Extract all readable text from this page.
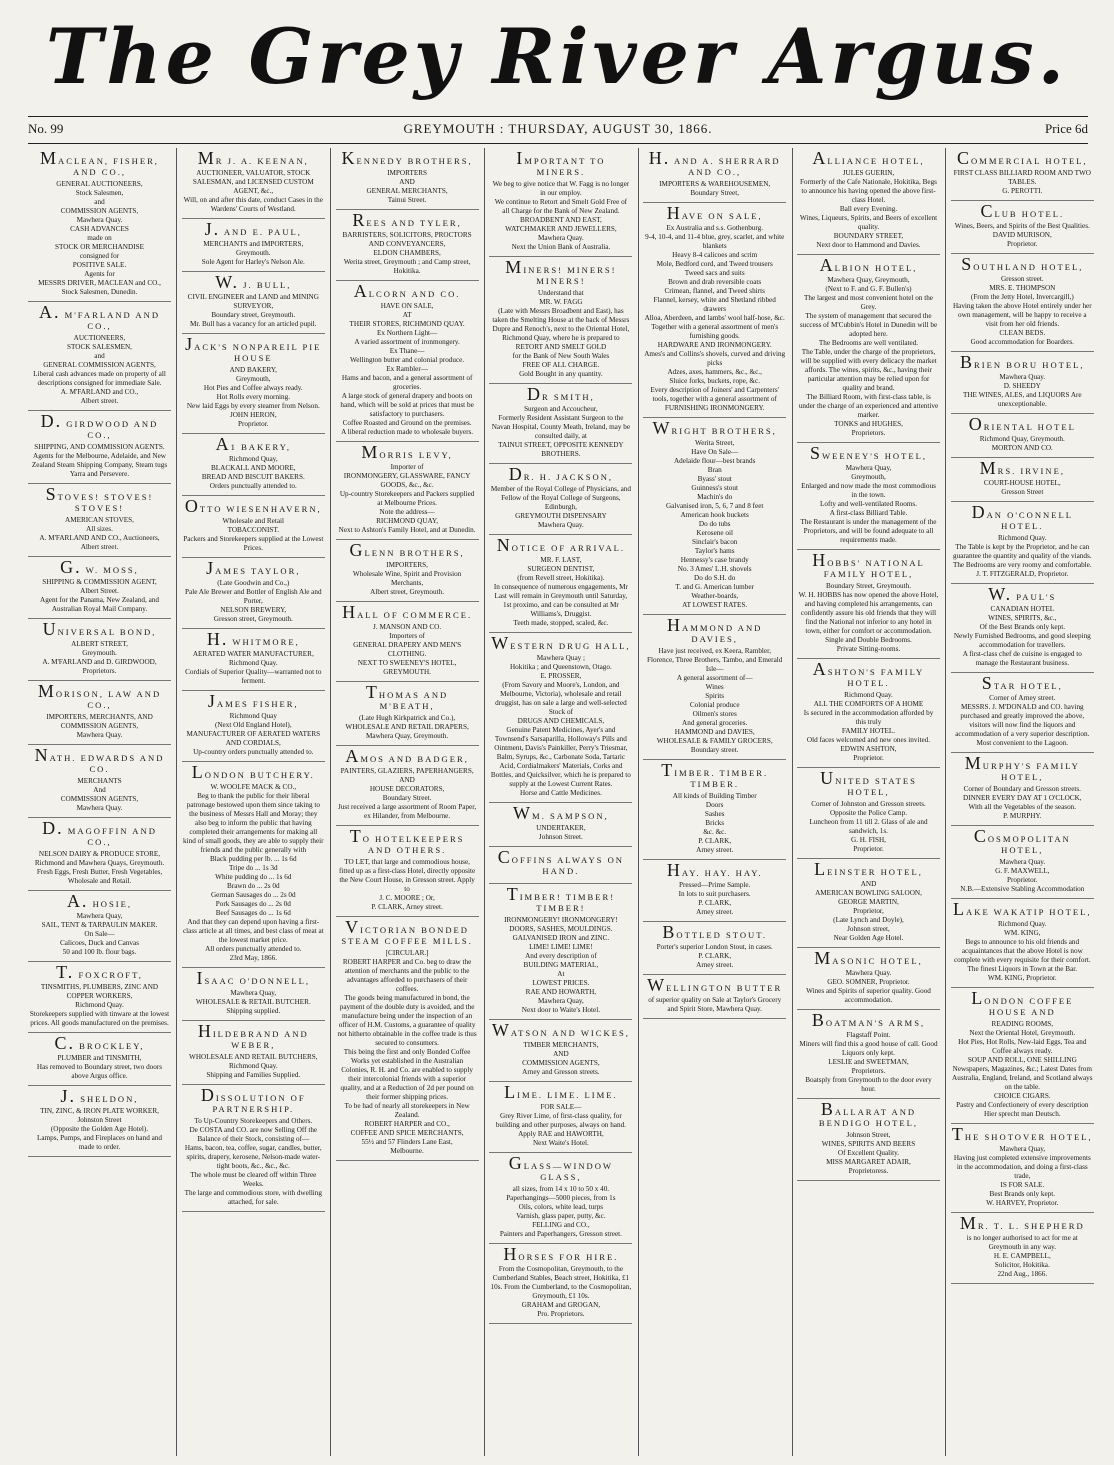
The Grey River Argus.
No. 99	GREYMOUTH : THURSDAY, AUGUST 30, 1866.	Price 6d
MACLEAN, FISHER, AND CO.,
GENERAL AUCTIONEERS,
Stock Salesmen,
and
COMMISSION AGENTS,
Mawhera Quay.
CASH ADVANCES
made on
STOCK OR MERCHANDISE
consigned for
POSITIVE SALE.
Agents for
MESSRS DRIVER, MACLEAN and CO.,
Stock Salesmen, Dunedin.
A. M'FARLAND AND CO.,
AUCTIONEERS,
STOCK SALESMEN,
and
GENERAL COMMISSION AGENTS,
Liberal cash advances made on property of all descriptions consigned for immediate Sale.
A. M'FARLAND and CO.,
Albert street.
D. GIRDWOOD AND CO.,
SHIPPING, AND COMMISSION AGENTS.
Agents for the Melbourne, Adelaide, and New Zealand Steam Shipping Company, Steam tugs Yarra and Persevere.
STOVES! STOVES! STOVES!
AMERICAN STOVES,
All sizes.
A. M'FARLAND AND CO., Auctioneers,
Albert street.
G. W. MOSS,
SHIPPING & COMMISSION AGENT,
Albert Street.
Agent for the Panama, New Zealand, and Australian Royal Mail Company.
UNIVERSAL BOND,
ALBERT STREET,
Greymouth.
A. M'FARLAND and D. GIRDWOOD,
Proprietors.
MORISON, LAW AND CO.,
IMPORTERS, MERCHANTS, AND COMMISSION AGENTS,
Mawhera Quay.
NATH. EDWARDS AND CO.
MERCHANTS
And
COMMISSION AGENTS,
Mawhera Quay.
D. MAGOFFIN AND CO.,
NELSON DAIRY & PRODUCE STORE,
Richmond and Mawhera Quays, Greymouth.
Fresh Eggs, Fresh Butter, Fresh Vegetables, Wholesale and Retail.
A. HOSIE,
Mawhera Quay,
SAIL, TENT & TARPAULIN MAKER.
On Sale—
Calicoes, Duck and Canvas
50 and 100 lb. flour bags.
T. FOXCROFT,
TINSMITHS, PLUMBERS, ZINC AND COPPER WORKERS,
Richmond Quay.
Storekeepers supplied with tinware at the lowest prices. All goods manufactured on the premises.
C. BROCKLEY,
PLUMBER and TINSMITH,
Has removed to Boundary street, two doors above Argus office.
J. SHELDON,
TIN, ZINC, & IRON PLATE WORKER,
Johnston Street
(Opposite the Golden Age Hotel).
Lamps, Pumps, and Fireplaces on hand and made to order.
MR J. A. KEENAN,
AUCTIONEER, VALUATOR, STOCK SALESMAN, and LICENSED CUSTOM AGENT, &c.,
Will, on and after this date, conduct Cases in the Wardens' Courts of Westland.
J. AND E. PAUL,
MERCHANTS and IMPORTERS,
Greymouth.
Sole Agent for Harley's Nelson Ale.
W. J. BULL,
CIVIL ENGINEER and LAND and MINING SURVEYOR,
Boundary street, Greymouth.
Mr. Bull has a vacancy for an articled pupil.
JACK'S NONPAREIL PIE HOUSE
AND BAKERY,
Greymouth,
Hot Pies and Coffee always ready.
Hot Rolls every morning.
New laid Eggs by every steamer from Nelson.
JOHN HERON,
Proprietor.
A1 BAKERY,
Richmond Quay,
BLACKALL AND MOORE,
BREAD AND BISCUIT BAKERS.
Orders punctually attended to.
OTTO WIESENHAVERN,
Wholesale and Retail
TOBACCONIST.
Packers and Storekeepers supplied at the Lowest Prices.
JAMES TAYLOR,
(Late Goodwin and Co.,)
Pale Ale Brewer and Bottler of English Ale and Porter,
NELSON BREWERY,
Gresson street, Greymouth.
H. WHITMORE,
AERATED WATER MANUFACTURER,
Richmond Quay.
Cordials of Superior Quality—warranted not to ferment.
JAMES FISHER,
Richmond Quay
(Next Old England Hotel),
MANUFACTURER OF AERATED WATERS AND CORDIALS,
Up-country orders punctually attended to.
LONDON BUTCHERY.
W. WOOLFE MACK & CO.,
Beg to thank the public for their liberal patronage bestowed upon them since taking to the business of Messrs Hall and Moray; they also beg to inform the public that having completed their arrangements for making all kind of small goods, they are able to supply their friends and the public generally with
Black pudding per lb. ... 1s 6d
Tripe do ... 1s 3d
White pudding do ... 1s 6d
Brawn do ... 2s 0d
German Sausages do ... 2s 0d
Pork Sausages do ... 2s 0d
Beef Sausages do ... 1s 6d
And that they can depend upon having a first-class article at all times, and best class of meat at the lowest market price.
All orders punctually attended to.
23rd May, 1866.
ISAAC O'DONNELL,
Mawhera Quay,
WHOLESALE & RETAIL BUTCHER.
Shipping supplied.
HILDEBRAND AND WEBER,
WHOLESALE AND RETAIL BUTCHERS,
Richmond Quay.
Shipping and Families Supplied.
DISSOLUTION OF PARTNERSHIP.
To Up-Country Storekeepers and Others.
De COSTA and CO. are now Selling Off the Balance of their Stock, consisting of—
Hams, bacon, tea, coffee, sugar, candles, butter, spirits, drapery, kerosene, Nelson-made water-tight boots, &c., &c., &c.
The whole must be cleared off within Three Weeks.
The large and commodious store, with dwelling attached, for sale.
KENNEDY BROTHERS,
IMPORTERS
AND
GENERAL MERCHANTS,
Tainui Street.
REES AND TYLER,
BARRISTERS, SOLICITORS, PROCTORS AND CONVEYANCERS,
ELDON CHAMBERS,
Werita street, Greymouth ; and Camp street, Hokitika.
ALCORN AND CO.
HAVE ON SALE,
AT
THEIR STORES, RICHMOND QUAY.
Ex Northern Light—
A varied assortment of ironmongery.
Ex Thane—
Wellington butter and colonial produce.
Ex Rambler—
Hams and bacon, and a general assortment of groceries.
A large stock of general drapery and boots on hand, which will be sold at prices that must be satisfactory to purchasers.
Coffee Roasted and Ground on the premises.
A liberal reduction made to wholesale buyers.
MORRIS LEVY,
Importer of
IRONMONGERY, GLASSWARE, FANCY GOODS, &c., &c.
Up-country Storekeepers and Packers supplied at Melbourne Prices.
Note the address—
RICHMOND QUAY,
Next to Ashton's Family Hotel, and at Dunedin.
GLENN BROTHERS,
IMPORTERS,
Wholesale Wine, Spirit and Provision Merchants,
Albert street, Greymouth.
HALL OF COMMERCE.
J. MANSON AND CO.
Importers of
GENERAL DRAPERY AND MEN'S CLOTHING.
NEXT TO SWEENEY'S HOTEL, GREYMOUTH.
THOMAS AND M'BEATH,
(Late Hugh Kirkpatrick and Co.),
WHOLESALE AND RETAIL DRAPERS,
Mawhera Quay, Greymouth.
AMOS AND BADGER,
PAINTERS, GLAZIERS, PAPERHANGERS,
AND
HOUSE DECORATORS,
Boundary Street.
Just received a large assortment of Room Paper, ex Hilander, from Melbourne.
TO HOTELKEEPERS AND OTHERS.
TO LET, that large and commodious house, fitted up as a first-class Hotel, directly opposite the New Court House, in Gresson street. Apply to
J. C. MOORE ; Or,
P. CLARK, Arney street.
VICTORIAN BONDED STEAM COFFEE MILLS.
[CIRCULAR.]
ROBERT HARPER and Co. beg to draw the attention of merchants and the public to the advantages afforded to purchasers of their coffees.
The goods being manufactured in bond, the payment of the double duty is avoided, and the manufacture being under the inspection of an officer of H.M. Customs, a guarantee of quality not hitherto obtainable in the coffee trade is thus secured to consumers.
This being the first and only Bonded Coffee Works yet established in the Australian Colonies, R. H. and Co. are enabled to supply their intercolonial friends with a superior quality, and at a Reduction of 2d per pound on their former shipping prices.
To be had of nearly all storekeepers in New Zealand.
ROBERT HARPER and CO.,
COFFEE AND SPICE MERCHANTS,
55½ and 57 Flinders Lane East,
Melbourne.
IMPORTANT TO MINERS.
We beg to give notice that W. Fagg is no longer in our employ.
We continue to Retort and Smelt Gold Free of all Charge for the Bank of New Zealand.
BROADBENT AND EAST,
WATCHMAKER AND JEWELLERS,
Mawhera Quay.
Next the Union Bank of Australia.
MINERS! MINERS! MINERS!
Understand that
MR. W. FAGG
(Late with Messrs Broadbent and East), has taken the Smelting House at the back of Messrs Dupre and Renoch's, next to the Oriental Hotel, Richmond Quay, where he is prepared to
RETORT AND SMELT GOLD
for the Bank of New South Wales
FREE OF ALL CHARGE.
Gold Bought in any quantity.
DR SMITH,
Surgeon and Accoucheur,
Formerly Resident Assistant Surgeon to the Navan Hospital, County Meath, Ireland, may be consulted daily, at
TAINUI STREET, OPPOSITE KENNEDY BROTHERS.
DR. H. JACKSON,
Member of the Royal College of Physicians, and Fellow of the Royal College of Surgeons, Edinburgh,
GREYMOUTH DISPENSARY
Mawhera Quay.
NOTICE OF ARRIVAL.
MR. F. LAST,
SURGEON DENTIST,
(from Revell street, Hokitika).
In consequence of numerous engagements, Mr Last will remain in Greymouth until Saturday, 1st proximo, and can be consulted at Mr Williams's, Druggist.
Teeth made, stopped, scaled, &c.
WESTERN DRUG HALL,
Mawhera Quay ;
Hokitika ; and Queenstown, Otago.
E. PROSSER,
(From Savory and Moore's, London, and Melbourne, Victoria), wholesale and retail druggist, has on sale a large and well-selected Stock of
DRUGS AND CHEMICALS,
Genuine Patent Medicines, Ayer's and Townsend's Sarsaparilla, Holloway's Pills and Ointment, Davis's Painkiller, Perry's Triesmar, Balm, Syrups, &c., Carbonate Soda, Tartaric Acid, Cordialmakers' Materials, Corks and Bottles, and Quicksilver, which he is prepared to supply at the Lowest Current Rates.
Horse and Cattle Medicines.
WM. SAMPSON,
UNDERTAKER,
Johnson Street.
COFFINS ALWAYS ON HAND.
TIMBER! TIMBER! TIMBER!
IRONMONGERY! IRONMONGERY!
DOORS, SASHES, MOULDINGS.
GALVANISED IRON and ZINC.
LIME! LIME! LIME!
And every description of
BUILDING MATERIAL,
At
LOWEST PRICES.
RAE AND HOWARTH,
Mawhera Quay,
Next door to Waite's Hotel.
WATSON AND WICKES,
TIMBER MERCHANTS,
AND
COMMISSION AGENTS,
Arney and Gresson streets.
LIME. LIME. LIME.
FOR SALE—
Grey River Lime, of first-class quality, for building and other purposes, always on hand.
Apply RAE and HAWORTH,
Next Waite's Hotel.
GLASS—WINDOW GLASS,
all sizes, from 14 x 10 to 50 x 40.
Paperhangings—5000 pieces, from 1s
Oils, colors, white lead, turps
Varnish, glass paper, putty, &c.
FELLING and CO.,
Painters and Paperhangers, Gresson street.
HORSES FOR HIRE.
From the Cosmopolitan, Greymouth, to the Cumberland Stables, Beach street, Hokitika, £1 10s. From the Cumberland, to the Cosmopolitan, Greymouth, £1 10s.
GRAHAM and GROGAN,
Pro. Proprietors.
H. AND A. SHERRARD AND CO.,
IMPORTERS & WAREHOUSEMEN,
Boundary Street,
HAVE ON SALE,
Ex Australia and s.s. Gothenburg.
9-4, 10-4, and 11-4 blue, grey, scarlet, and white blankets
Heavy 8-4 calicoes and scrim
Mole, Bedford cord, and Tweed trousers
Tweed sacs and suits
Brown and drab reversible coats
Crimean, flannel, and Tweed shirts
Flannel, kersey, white and Shetland ribbed drawers
Alloa, Aberdeen, and lambs' wool half-hose, &c.
Together with a general assortment of men's furnishing goods.
HARDWARE AND IRONMONGERY.
Ames's and Collins's shovels, curved and driving picks
Adzes, axes, hammers, &c., &c.,
Sluice forks, buckets, rope, &c.
Every description of Joiners' and Carpenters' tools, together with a general assortment of
FURNISHING IRONMONGERY.
WRIGHT BROTHERS,
Werita Street,
Have On Sale—
Adelaide flour—best brands
Bran
Byass' stout
Guinness's stout
Machin's do
Galvanised iron, 5, 6, 7 and 8 feet
American hook buckets
Do do tubs
Kerosene oil
Sinclair's bacon
Taylor's hams
Hennessy's case brandy
No. 3 Ames' L.H. shovels
Do do S.H. do
T. and G. American lumber
Weather-boards,
AT LOWEST RATES.
HAMMOND AND DAVIES,
Have just received, ex Keera, Rambler, Florence, Three Brothers, Tambo, and Emerald Isle—
A general assortment of—
Wines
Spirits
Colonial produce
Oilmen's stores
And general groceries.
HAMMOND and DAVIES,
WHOLESALE & FAMILY GROCERS,
Boundary street.
TIMBER. TIMBER. TIMBER.
All kinds of Building Timber
Doors
Sashes
Bricks
&c. &c.
P. CLARK,
Arney street.
HAY. HAY. HAY.
Pressed—Prime Sample.
In lots to suit purchasers.
P. CLARK,
Arney street.
BOTTLED STOUT.
Porter's superior London Stout, in cases.
P. CLARK,
Arney street.
WELLINGTON BUTTER
of superior quality on Sale at Taylor's Grocery and Spirit Store, Mawhera Quay.
ALLIANCE HOTEL,
JULES GUERIN,
Formerly of the Cafe Nationale, Hokitika, Begs to announce his having opened the above first-class Hotel.
Ball every Evening.
Wines, Liqueurs, Spirits, and Beers of excellent quality.
BOUNDARY STREET,
Next door to Hammond and Davies.
ALBION HOTEL,
Mawhera Quay, Greymouth,
(Next to F. and G. F. Bullen's)
The largest and most convenient hotel on the Grey.
The system of management that secured the success of M'Cubbin's Hotel in Dunedin will be adopted here.
The Bedrooms are well ventilated.
The Table, under the charge of the proprietors, will be supplied with every delicacy the market affords. The wines, spirits, &c., having their particular attention may be relied upon for quality and brand.
The Billiard Room, with first-class table, is under the charge of an experienced and attentive marker.
TONKS and HUGHES,
Proprietors.
SWEENEY'S HOTEL,
Mawhera Quay,
Greymouth,
Enlarged and now made the most commodious in the town.
Lofty and well-ventilated Rooms.
A first-class Billiard Table.
The Restaurant is under the management of the Proprietors, and will be found adequate to all requirements made.
HOBBS' NATIONAL FAMILY HOTEL,
Boundary Street, Greymouth.
W. H. HOBBS has now opened the above Hotel, and having completed his arrangements, can confidently assure his old friends that they will find the National not inferior to any hotel in town, either for comfort or accommodation.
Single and Double Bedrooms.
Private Sitting-rooms.
ASHTON'S FAMILY HOTEL.
Richmond Quay.
ALL THE COMFORTS OF A HOME
Is secured in the accommodation afforded by this truly
FAMILY HOTEL.
Old faces welcomed and new ones invited.
EDWIN ASHTON,
Proprietor.
UNITED STATES HOTEL,
Corner of Johnston and Gresson streets.
Opposite the Police Camp.
Luncheon from 11 till 2. Glass of ale and sandwich, 1s.
G. H. FISH,
Proprietor.
LEINSTER HOTEL,
AND
AMERICAN BOWLING SALOON,
GEORGE MARTIN,
Proprietor,
(Late Lynch and Doyle),
Johnson street,
Near Golden Age Hotel.
MASONIC HOTEL,
Mawhera Quay.
GEO. SOMNER, Proprietor.
Wines and Spirits of superior quality. Good accommodation.
BOATMAN'S ARMS,
Flagstaff Point.
Miners will find this a good house of call. Good Liquors only kept.
LESLIE and SWEETMAN,
Proprietors.
Boatsply from Greymouth to the door every hour.
BALLARAT AND BENDIGO HOTEL,
Johnson Street,
WINES, SPIRITS AND BEERS
Of Excellent Quality.
MISS MARGARET ADAIR,
Proprietoress.
COMMERCIAL HOTEL,
FIRST CLASS BILLIARD ROOM AND TWO TABLES.
G. PEROTTI.
CLUB HOTEL.
Wines, Beers, and Spirits of the Best Qualities.
DAVID MURISON,
Proprietor.
SOUTHLAND HOTEL,
Gresson street.
MRS. E. THOMPSON
(From the Jetty Hotel, Invercargill,)
Having taken the above Hotel entirely under her own management, will be happy to receive a visit from her old friends.
CLEAN BEDS.
Good accommodation for Boarders.
BRIEN BORU HOTEL,
Mawhera Quay.
D. SHEEDY
THE WINES, ALES, and LIQUORS Are unexceptionable.
ORIENTAL HOTEL
Richmond Quay, Greymouth.
MORTON AND CO.
MRS. IRVINE,
COURT-HOUSE HOTEL,
Gresson Street
DAN O'CONNELL HOTEL.
Richmond Quay.
The Table is kept by the Proprietor, and he can guarantee the quantity and quality of the viands. The Bedrooms are very roomy and comfortable.
J. T. FITZGERALD, Proprietor.
W. PAUL'S
CANADIAN HOTEL
WINES, SPIRITS, &c.,
Of the Best Brands only kept.
Newly Furnished Bedrooms, and good sleeping accommodation for travellers.
A first-class chef de cuisine is engaged to manage the Restaurant business.
STAR HOTEL,
Corner of Arney street.
MESSRS. J. M'DONALD and CO. having purchased and greatly improved the above, visitors will now find the liquors and accommodation of a very superior description.
Most convenient to the Lagoon.
MURPHY'S FAMILY HOTEL,
Corner of Boundary and Gresson streets.
DINNER EVERY DAY AT 1 O'CLOCK,
With all the Vegetables of the season.
P. MURPHY.
COSMOPOLITAN HOTEL,
Mawhera Quay.
G. F. MAXWELL,
Proprietor.
N.B.—Extensive Stabling Accommodation
LAKE WAKATIP HOTEL,
Richmond Quay.
WM. KING,
Begs to announce to his old friends and acquaintances that the above Hotel is now complete with every requisite for their comfort.
The finest Liquors in Town at the Bar.
WM. KING, Proprietor.
LONDON COFFEE HOUSE AND
READING ROOMS,
Next the Oriental Hotel, Greymouth.
Hot Pies, Hot Rolls, New-laid Eggs, Tea and Coffee always ready.
SOUP AND ROLL, ONE SHILLING
Newspapers, Magazines, &c.; Latest Dates from Australia, England, Ireland, and Scotland always on the table.
CHOICE CIGARS.
Pastry and Confectionery of every description
Hier sprecht man Deutsch.
THE SHOTOVER HOTEL,
Mawhera Quay,
Having just completed extensive improvements in the accommodation, and doing a first-class trade,
IS FOR SALE.
Best Brands only kept.
W. HARVEY, Proprietor.
MR. T. L. SHEPHERD
is no longer authorised to act for me at Greymouth in any way.
H. E. CAMPBELL,
Solicitor, Hokitika.
22nd Aug., 1866.
